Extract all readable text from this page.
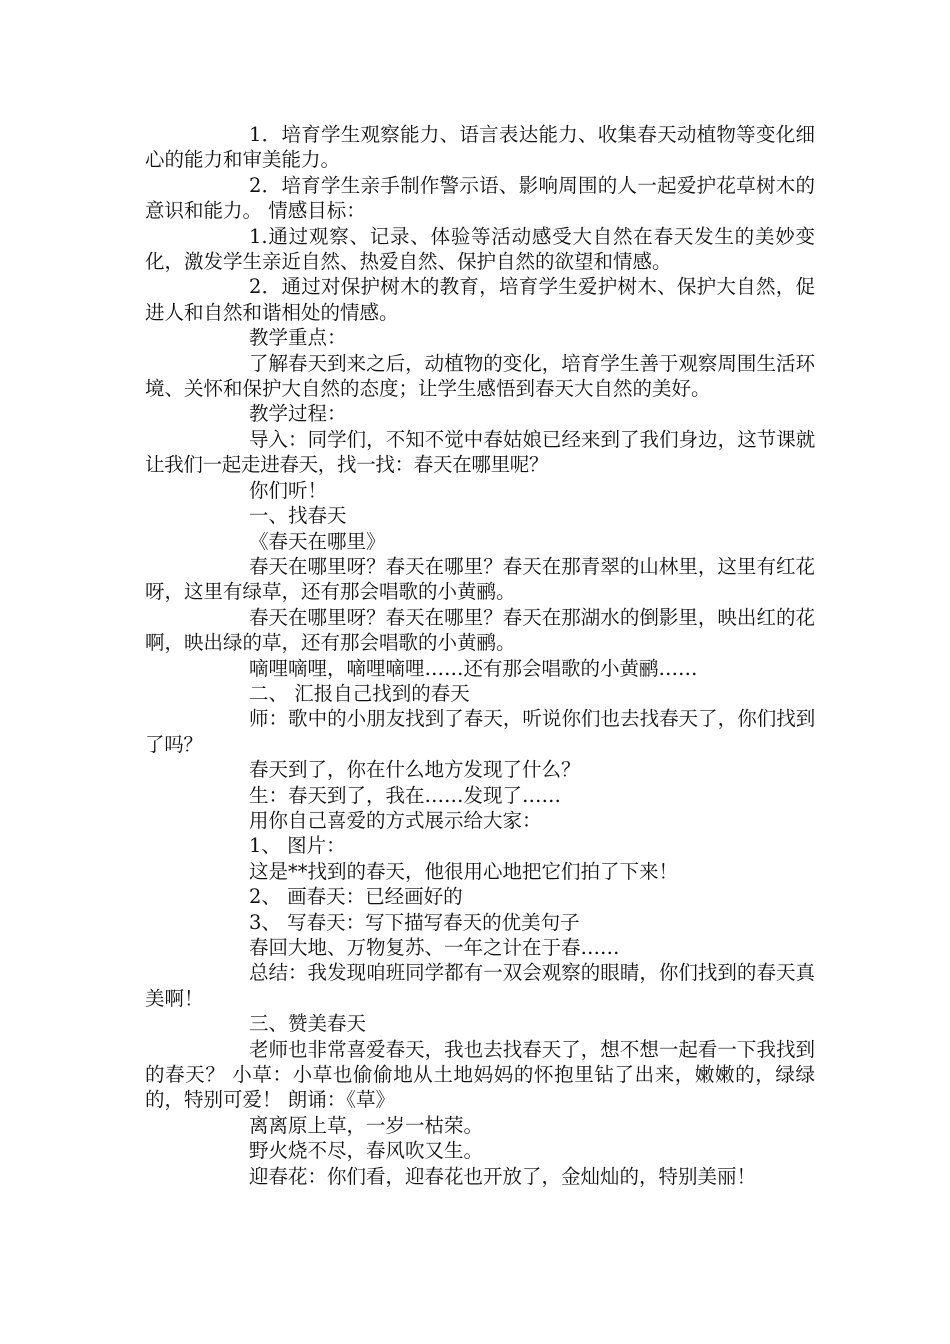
1．培育学生观察能力、语言表达能力、收集春天动植物等变化细心的能力和审美能力。

2．培育学生亲手制作警示语、影响周围的人一起爱护花草树木的意识和能力。 情感目标：

1.通过观察、记录、体验等活动感受大自然在春天发生的美妙变化，激发学生亲近自然、热爱自然、保护自然的欲望和情感。

2．通过对保护树木的教育，培育学生爱护树木、保护大自然，促进人和自然和谐相处的情感。

教学重点：

了解春天到来之后，动植物的变化，培育学生善于观察周围生活环境、关怀和保护大自然的态度；让学生感悟到春天大自然的美好。

教学过程：

导入：同学们，不知不觉中春姑娘已经来到了我们身边，这节课就让我们一起走进春天，找一找：春天在哪里呢？

你们听！

一、找春天

《春天在哪里》

春天在哪里呀？春天在哪里？春天在那青翠的山林里，这里有红花呀，这里有绿草，还有那会唱歌的小黄鹂。

春天在哪里呀？春天在哪里？春天在那湖水的倒影里，映出红的花啊，映出绿的草，还有那会唱歌的小黄鹂。

嘀哩嘀哩，嘀哩嘀哩……还有那会唱歌的小黄鹂……

二、 汇报自己找到的春天

师：歌中的小朋友找到了春天，听说你们也去找春天了，你们找到了吗？

春天到了，你在什么地方发现了什么？

生：春天到了，我在……发现了……

用你自己喜爱的方式展示给大家：

1、 图片：

这是**找到的春天，他很用心地把它们拍了下来！

2、 画春天：已经画好的

3、 写春天：写下描写春天的优美句子

春回大地、万物复苏、一年之计在于春……

总结：我发现咱班同学都有一双会观察的眼睛，你们找到的春天真美啊！

三、赞美春天

老师也非常喜爱春天，我也去找春天了，想不想一起看一下我找到的春天？ 小草：小草也偷偷地从土地妈妈的怀抱里钻了出来，嫩嫩的，绿绿的，特别可爱！ 朗诵：《草》

离离原上草，一岁一枯荣。

野火烧不尽，春风吹又生。

迎春花：你们看，迎春花也开放了，金灿灿的，特别美丽！
